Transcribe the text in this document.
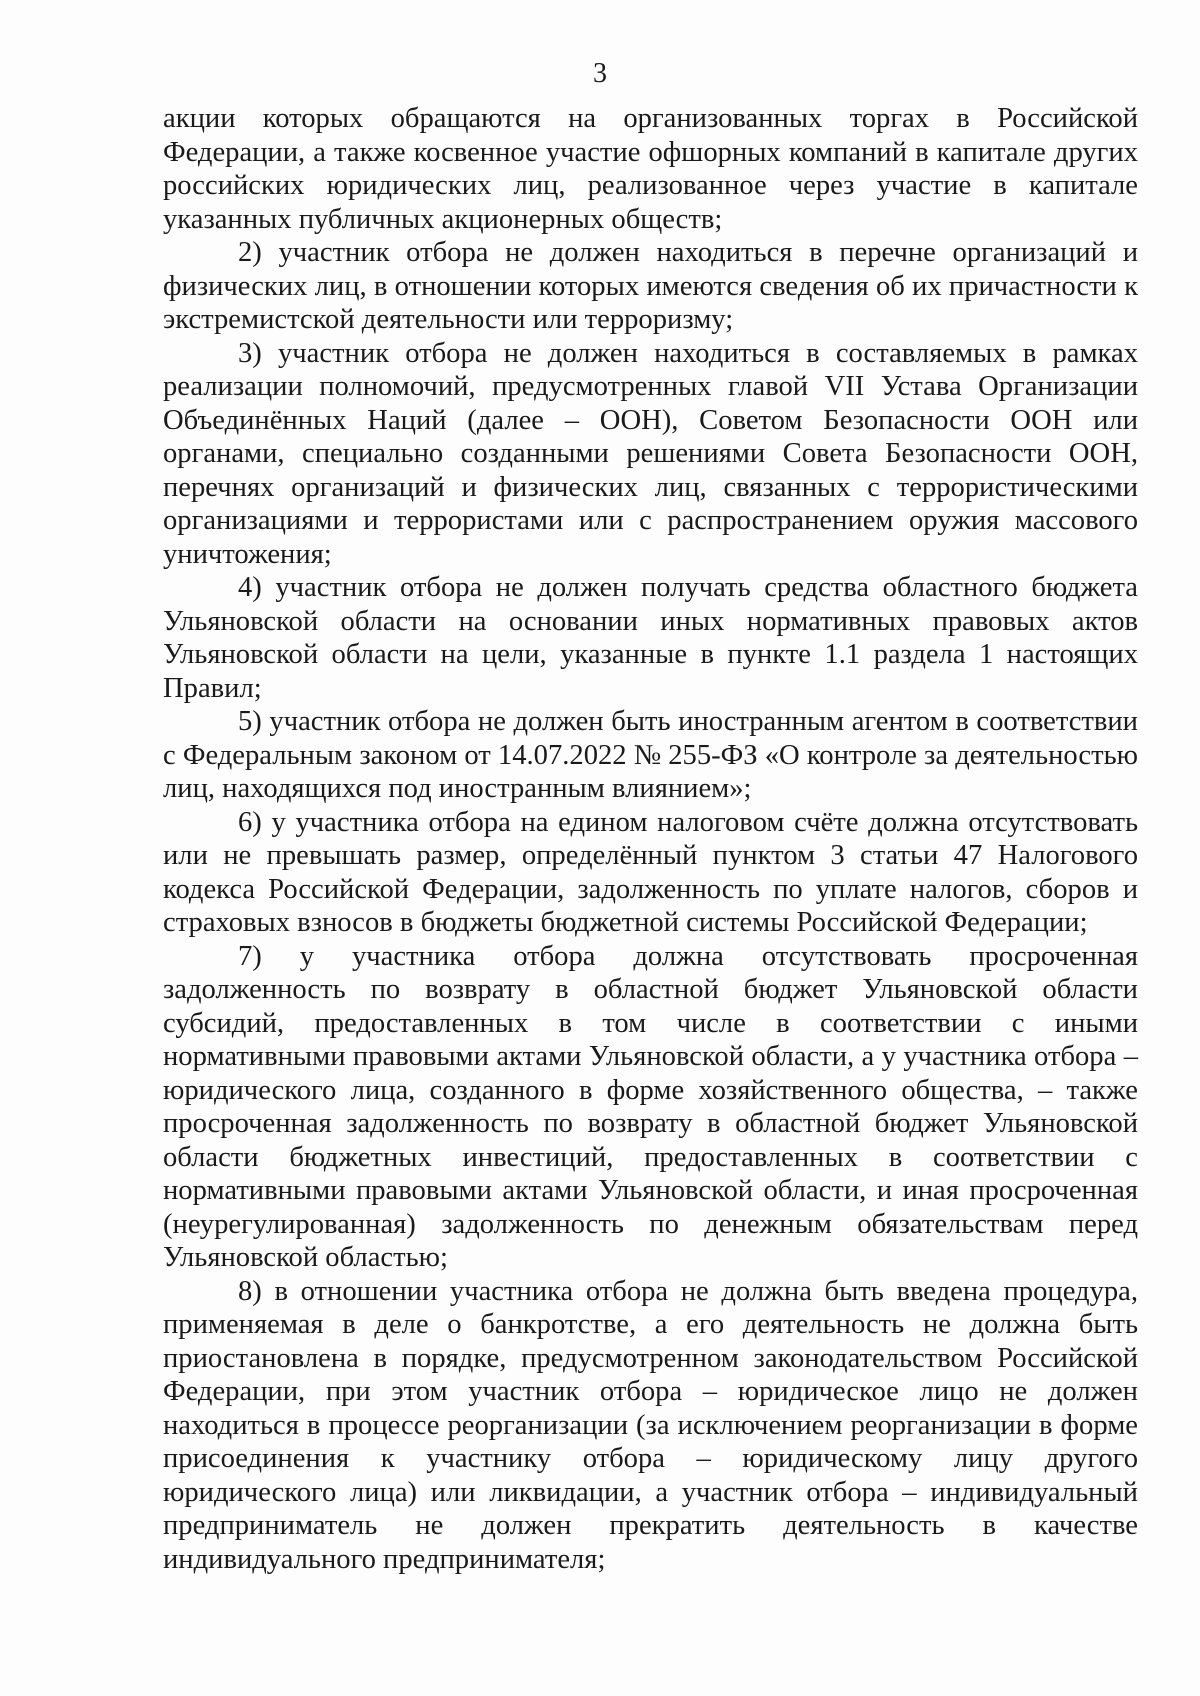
3

акции которых обращаются на организованных торгах в Российской Федерации, а также косвенное участие офшорных компаний в капитале других российских юридических лиц, реализованное через участие в капитале указанных публичных акционерных обществ;

2) участник отбора не должен находиться в перечне организаций и физических лиц, в отношении которых имеются сведения об их причастности к экстремистской деятельности или терроризму;

3) участник отбора не должен находиться в составляемых в рамках реализации полномочий, предусмотренных главой VII Устава Организации Объединённых Наций (далее – ООН), Советом Безопасности ООН или органами, специально созданными решениями Совета Безопасности ООН, перечнях организаций и физических лиц, связанных с террористическими организациями и террористами или с распространением оружия массового уничтожения;

4) участник отбора не должен получать средства областного бюджета Ульяновской области на основании иных нормативных правовых актов Ульяновской области на цели, указанные в пункте 1.1 раздела 1 настоящих Правил;

5) участник отбора не должен быть иностранным агентом в соответствии с Федеральным законом от 14.07.2022 № 255-ФЗ «О контроле за деятельностью лиц, находящихся под иностранным влиянием»;

6) у участника отбора на едином налоговом счёте должна отсутствовать или не превышать размер, определённый пунктом 3 статьи 47 Налогового кодекса Российской Федерации, задолженность по уплате налогов, сборов и страховых взносов в бюджеты бюджетной системы Российской Федерации;

7) у участника отбора должна отсутствовать просроченная задолженность по возврату в областной бюджет Ульяновской области субсидий, предоставленных в том числе в соответствии с иными нормативными правовыми актами Ульяновской области, а у участника отбора – юридического лица, созданного в форме хозяйственного общества, – также просроченная задолженность по возврату в областной бюджет Ульяновской области бюджетных инвестиций, предоставленных в соответствии с нормативными правовыми актами Ульяновской области, и иная просроченная (неурегулированная) задолженность по денежным обязательствам перед Ульяновской областью;

8) в отношении участника отбора не должна быть введена процедура, применяемая в деле о банкротстве, а его деятельность не должна быть приостановлена в порядке, предусмотренном законодательством Российской Федерации, при этом участник отбора – юридическое лицо не должен находиться в процессе реорганизации (за исключением реорганизации в форме присоединения к участнику отбора – юридическому лицу другого юридического лица) или ликвидации, а участник отбора – индивидуальный предприниматель не должен прекратить деятельность в качестве индивидуального предпринимателя;
